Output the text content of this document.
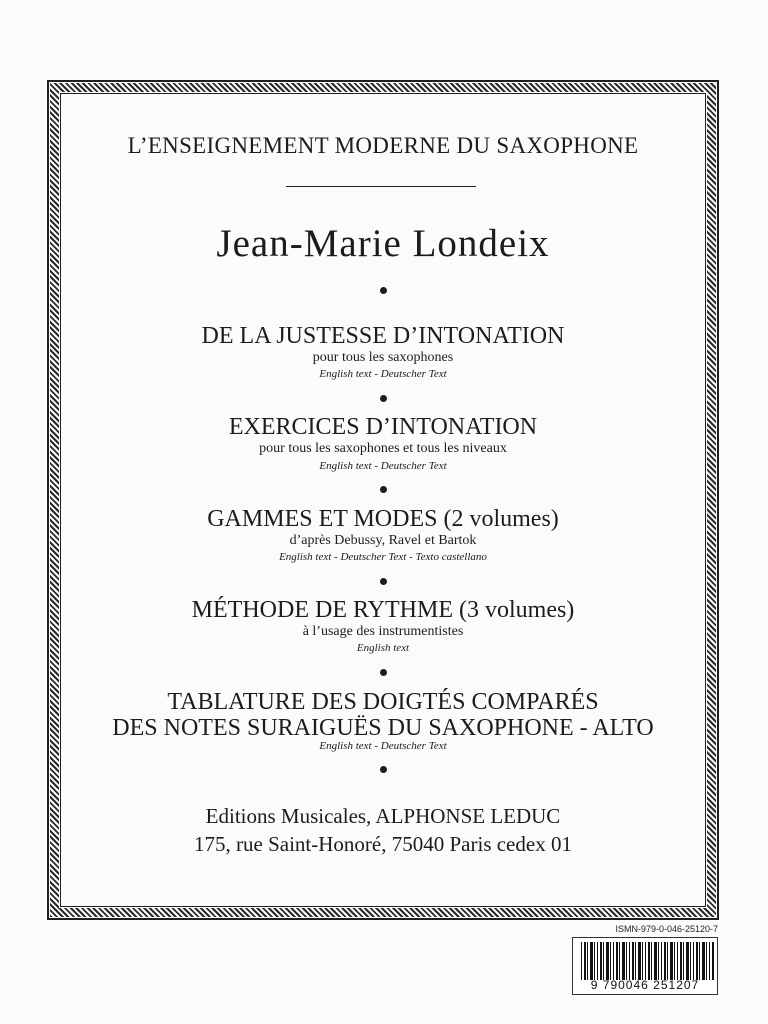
L’ENSEIGNEMENT MODERNE DU SAXOPHONE
Jean-Marie Londeix
DE LA JUSTESSE D’INTONATION
pour tous les saxophones
English text - Deutscher Text
EXERCICES D’INTONATION
pour tous les saxophones et tous les niveaux
English text - Deutscher Text
GAMMES ET MODES (2 volumes)
d’après Debussy, Ravel et Bartok
English text - Deutscher Text - Texto castellano
MÉTHODE DE RYTHME (3 volumes)
à l’usage des instrumentistes
English text
TABLATURE DES DOIGTÉS COMPARÉS
DES NOTES SURAIGUËS DU SAXOPHONE - ALTO
English text - Deutscher Text
Editions Musicales, ALPHONSE LEDUC
175, rue Saint-Honoré, 75040 Paris cedex 01
ISMN-979-0-046-25120-7
9 790046 251207
